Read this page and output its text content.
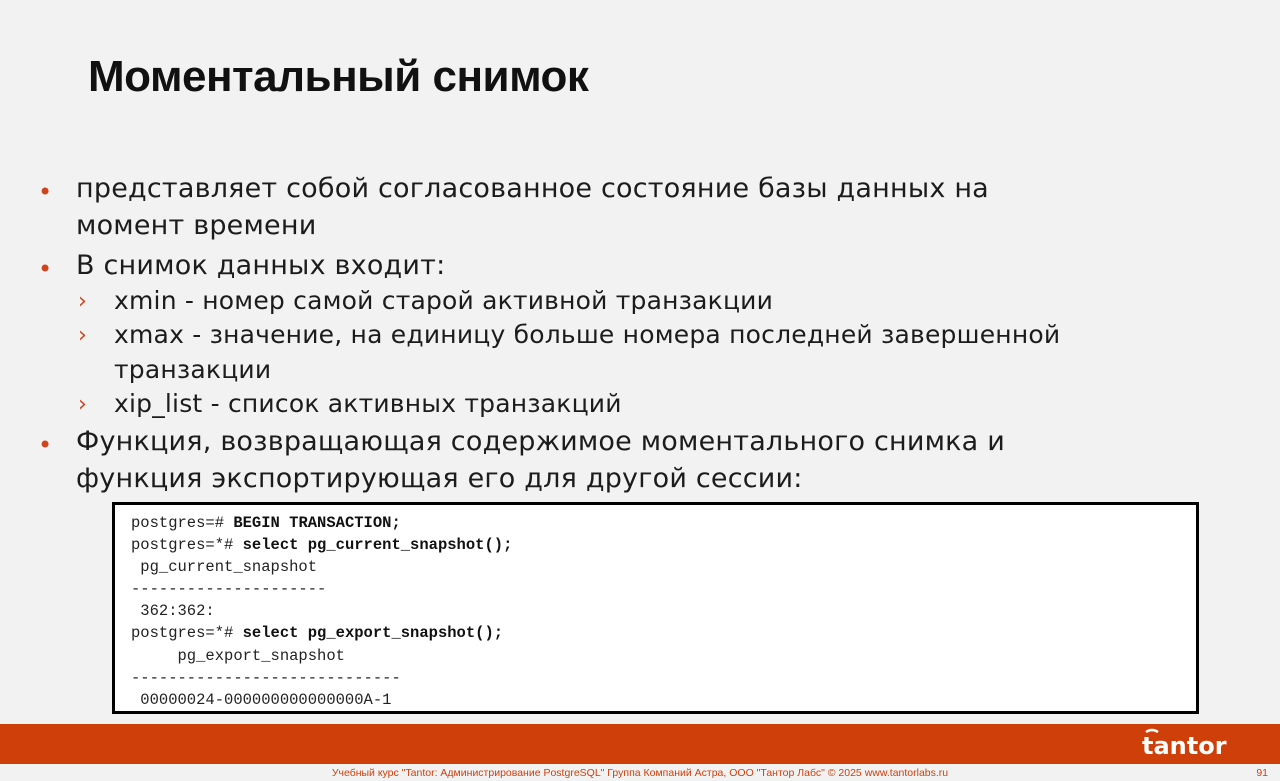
Моментальный снимок
• представляет собой согласованное состояние базы данных на
момент времени
• В снимок данных входит:
› xmin - номер самой старой активной транзакции
› xmax - значение, на единицу больше номера последней завершенной
транзакции
› xip_list - список активных транзакций
• Функция, возвращающая содержимое моментального снимка и
функция экспортирующая его для другой сессии:
postgres=# BEGIN TRANSACTION;
postgres=*# select pg_current_snapshot();
pg_current_snapshot
---------------------
362:362:
postgres=*# select pg_export_snapshot();
pg_export_snapshot
-----------------------------
00000024-000000000000000A-1
tantor
Учебный курс "Tantor: Администрирование PostgreSQL" Группа Компаний Астра, ООО "Тантор Лабс" © 2025 www.tantorlabs.ru	91
